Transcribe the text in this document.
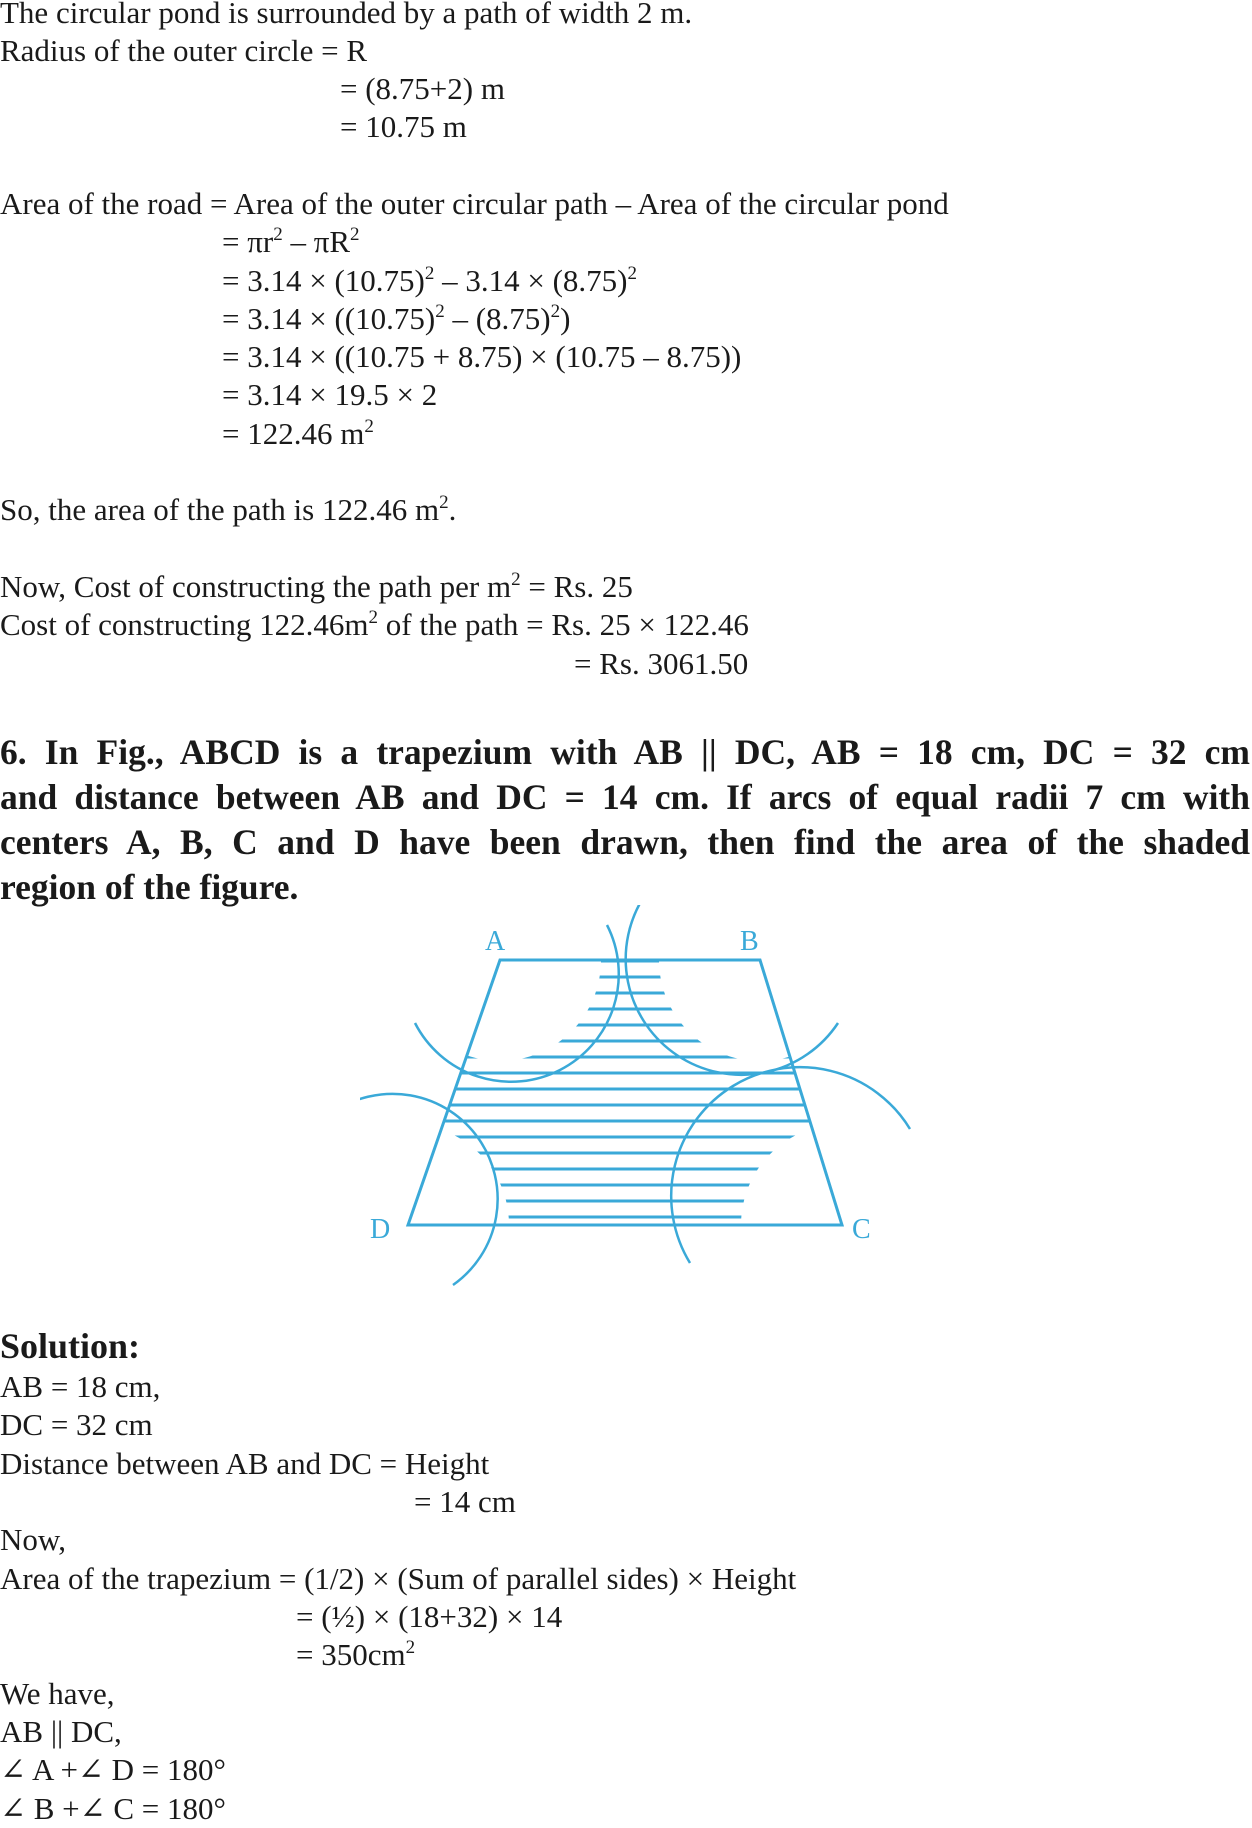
The circular pond is surrounded by a path of width 2 m.
Radius of the outer circle = R
= (8.75+2) m
= 10.75 m
Area of the road = Area of the outer circular path – Area of the circular pond
= $\pi r^2 - \pi R^2$
= $3.14 \times (10.75)^2 - 3.14 \times (8.75)^2$
= $3.14 \times ((10.75)^2 - (8.75)^2)$
= 3.14 × ((10.75 + 8.75) × (10.75 – 8.75))
= 3.14 × 19.5 × 2
= 122.46 $m^2$
So, the area of the path is 122.46 $m^2$.
Now, Cost of constructing the path per $m^2 = Rs$. 25
Cost of constructing $122.46m^2$ of the path = Rs. 25 × 122.46
= Rs. 3061.50
6. In Fig., ABCD is a trapezium with AB || DC, AB = 18 cm, DC = 32 cm
and distance between AB and DC = 14 cm. If arcs of equal radii 7 cm with
centers A, B, C and D have been drawn, then find the area of the shaded
region of the figure.
A	B
C
D
Solution:
AB = 18 cm,
DC = 32 cm
Distance between AB and DC = Height
= 14 cm
Now,
Area of the trapezium = (1/2) × (Sum of parallel sides) × Height
= (½) × (18+32) × 14
= $350cm^2$
We have,
AB || DC,
∠ A +∠ D = 180°
∠ B +∠ C = 180°
